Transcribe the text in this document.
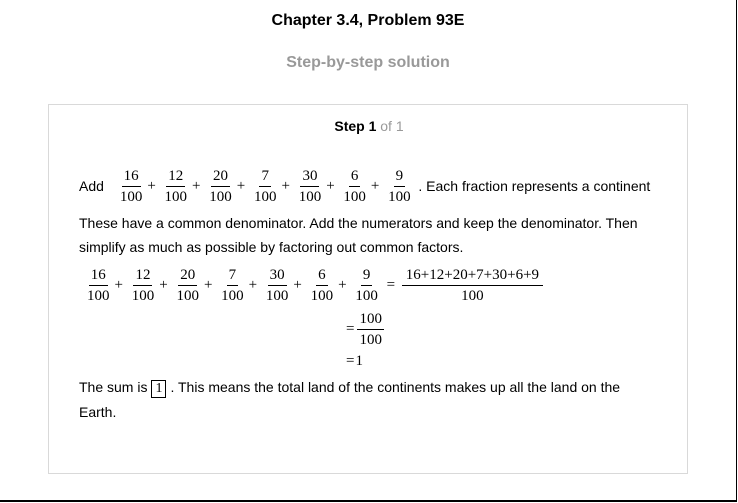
Chapter 3.4, Problem 93E
Step-by-step solution
Step 1 of 1
Add $\frac{16}{100} + \frac{12}{100} + \frac{20}{100} + \frac{7}{100} + \frac{30}{100} + \frac{6}{100} + \frac{9}{100}$ . Each fraction represents a continent
These have a common denominator. Add the numerators and keep the denominator. Then
simplify as much as possible by factoring out common factors.
$\frac{16}{100} + \frac{12}{100} + \frac{20}{100} + \frac{7}{100} + \frac{30}{100} + \frac{6}{100} + \frac{9}{100} = \frac{16+12+20+7+30+6+9}{100}$
= $\frac{100}{100}$
=1
The sum is 1 . This means the total land of the continents makes up all the land on the
Earth.
